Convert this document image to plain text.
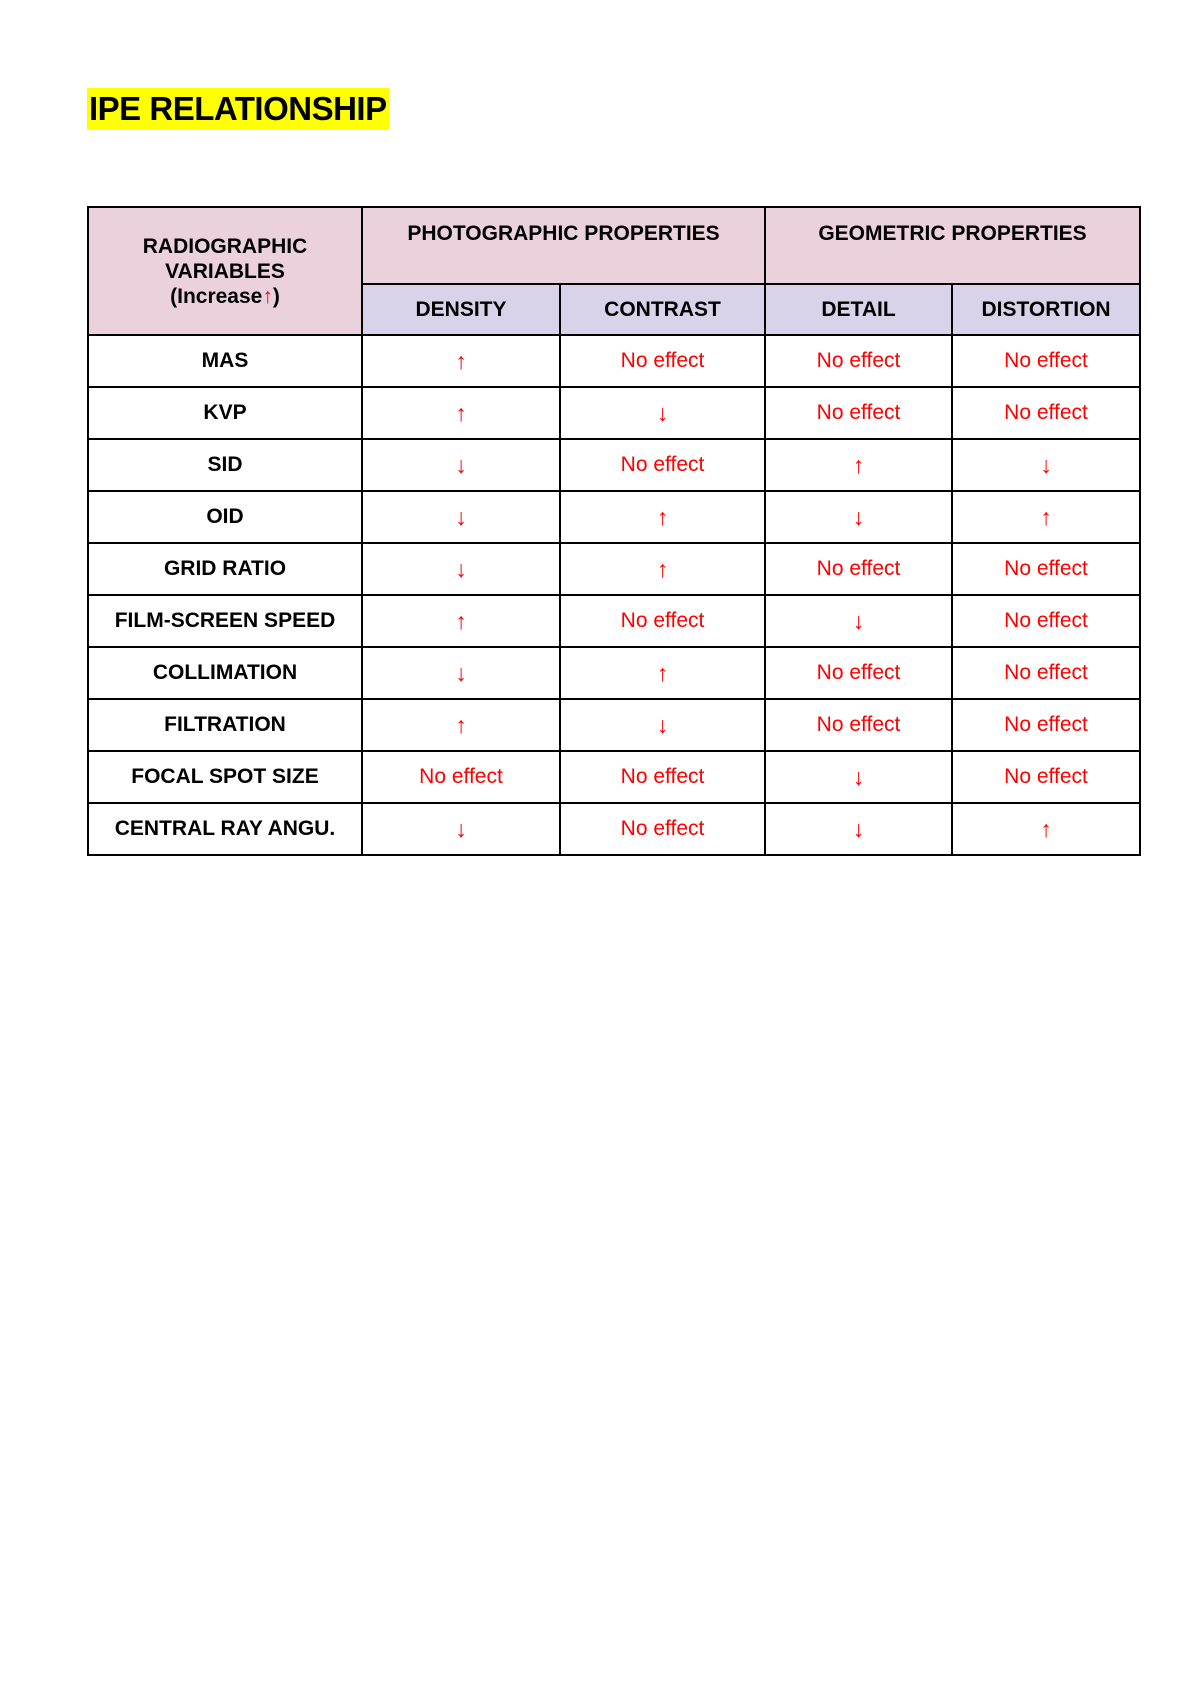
IPE RELATIONSHIP
RADIOGRAPHIC
VARIABLES
(Increase↑)	PHOTOGRAPHIC PROPERTIES		GEOMETRIC PROPERTIES	
	DENSITY	CONTRAST	DETAIL	DISTORTION
MAS	↑	No effect	No effect	No effect
KVP	↑	↓	No effect	No effect
SID	↓	No effect	↑	↓
OID	↓	↑	↓	↑
GRID RATIO	↓	↑	No effect	No effect
FILM-SCREEN SPEED	↑	No effect	↓	No effect
COLLIMATION	↓	↑	No effect	No effect
FILTRATION	↑	↓	No effect	No effect
FOCAL SPOT SIZE	No effect	No effect	↓	No effect
CENTRAL RAY ANGU.	↓	No effect	↓	↑
